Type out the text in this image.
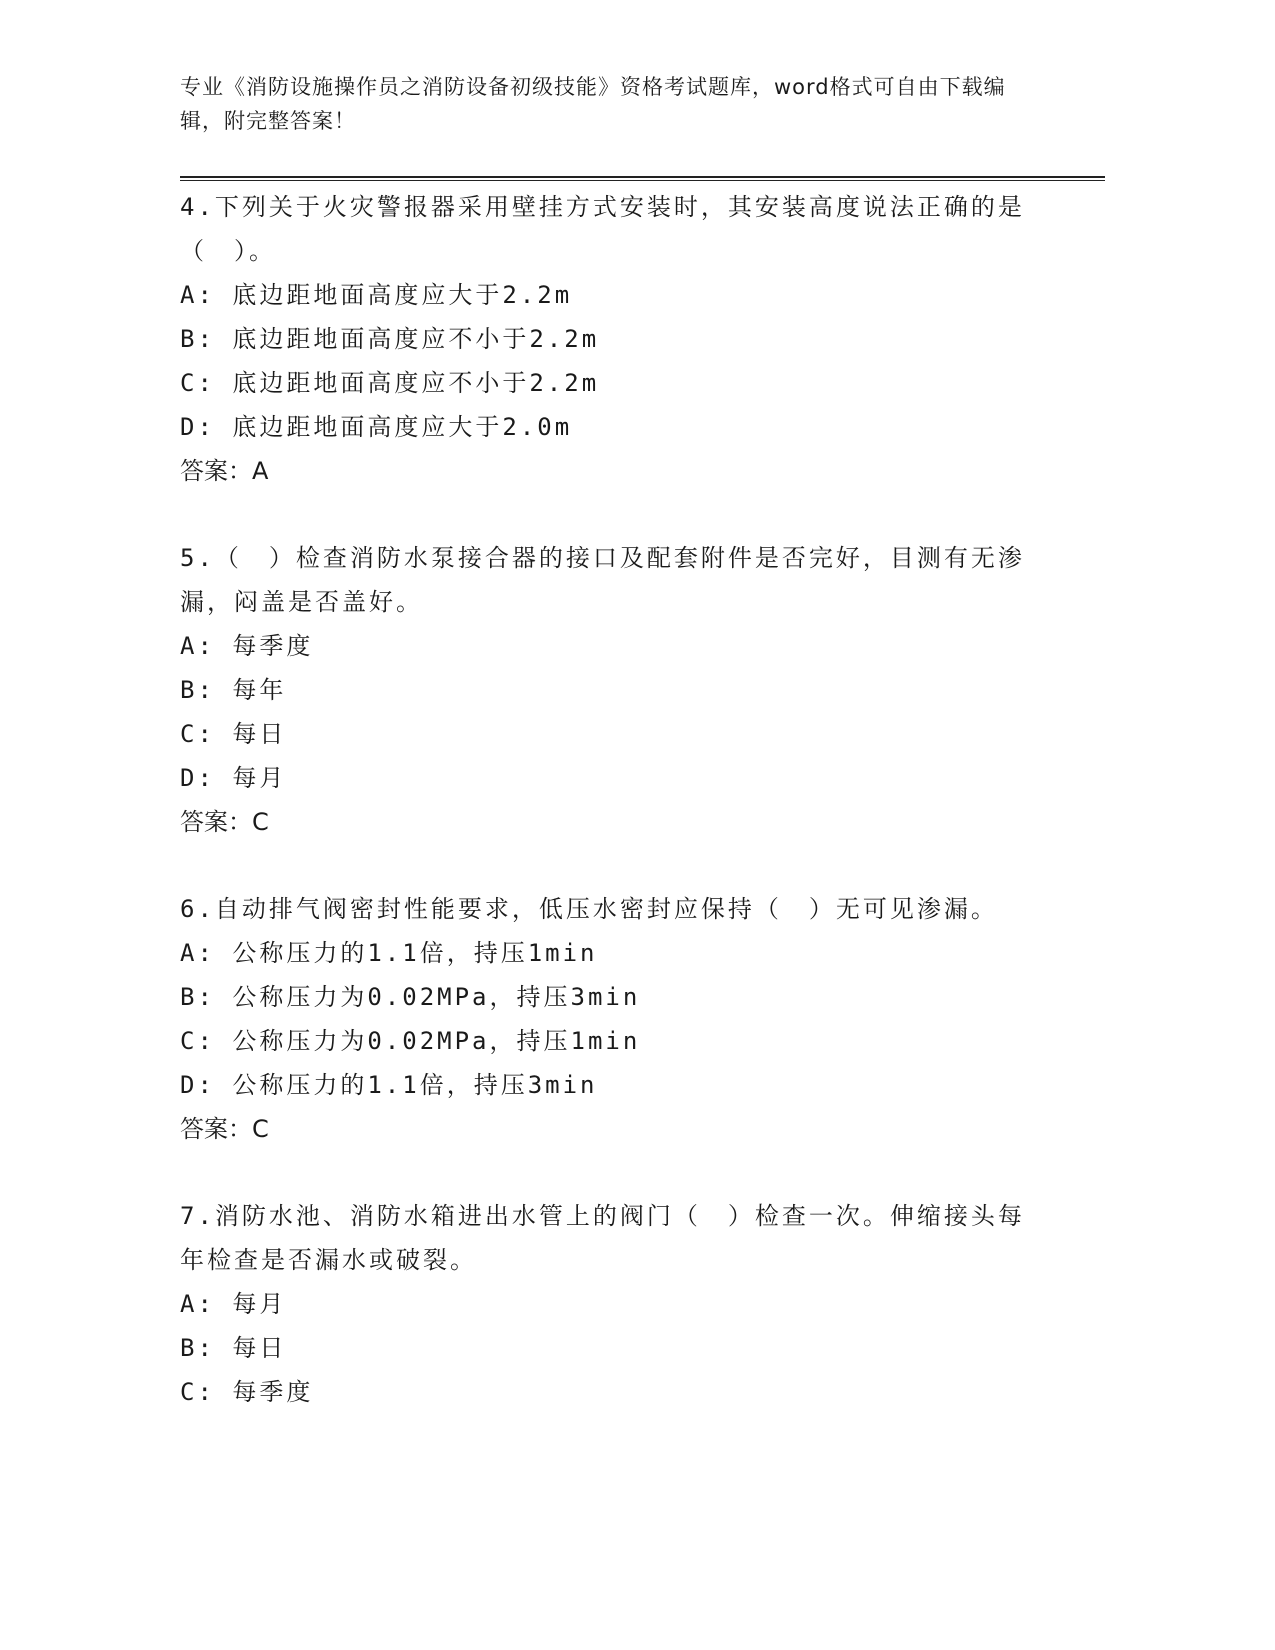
专业《消防设施操作员之消防设备初级技能》资格考试题库，word格式可自由下载编辑，附完整答案！

4.下列关于火灾警报器采用壁挂方式安装时，其安装高度说法正确的是（　）。

A: 底边距地面高度应大于2.2m

B: 底边距地面高度应不小于2.2m

C: 底边距地面高度应不小于2.2m

D: 底边距地面高度应大于2.0m

答案：A

5.（　）检查消防水泵接合器的接口及配套附件是否完好，目测有无渗漏，闷盖是否盖好。

A: 每季度

B: 每年

C: 每日

D: 每月

答案：C

6.自动排气阀密封性能要求，低压水密封应保持（　）无可见渗漏。

A: 公称压力的1.1倍，持压1min

B: 公称压力为0.02MPa，持压3min

C: 公称压力为0.02MPa，持压1min

D: 公称压力的1.1倍，持压3min

答案：C

7.消防水池、消防水箱进出水管上的阀门（　）检查一次。伸缩接头每年检查是否漏水或破裂。

A: 每月

B: 每日

C: 每季度
